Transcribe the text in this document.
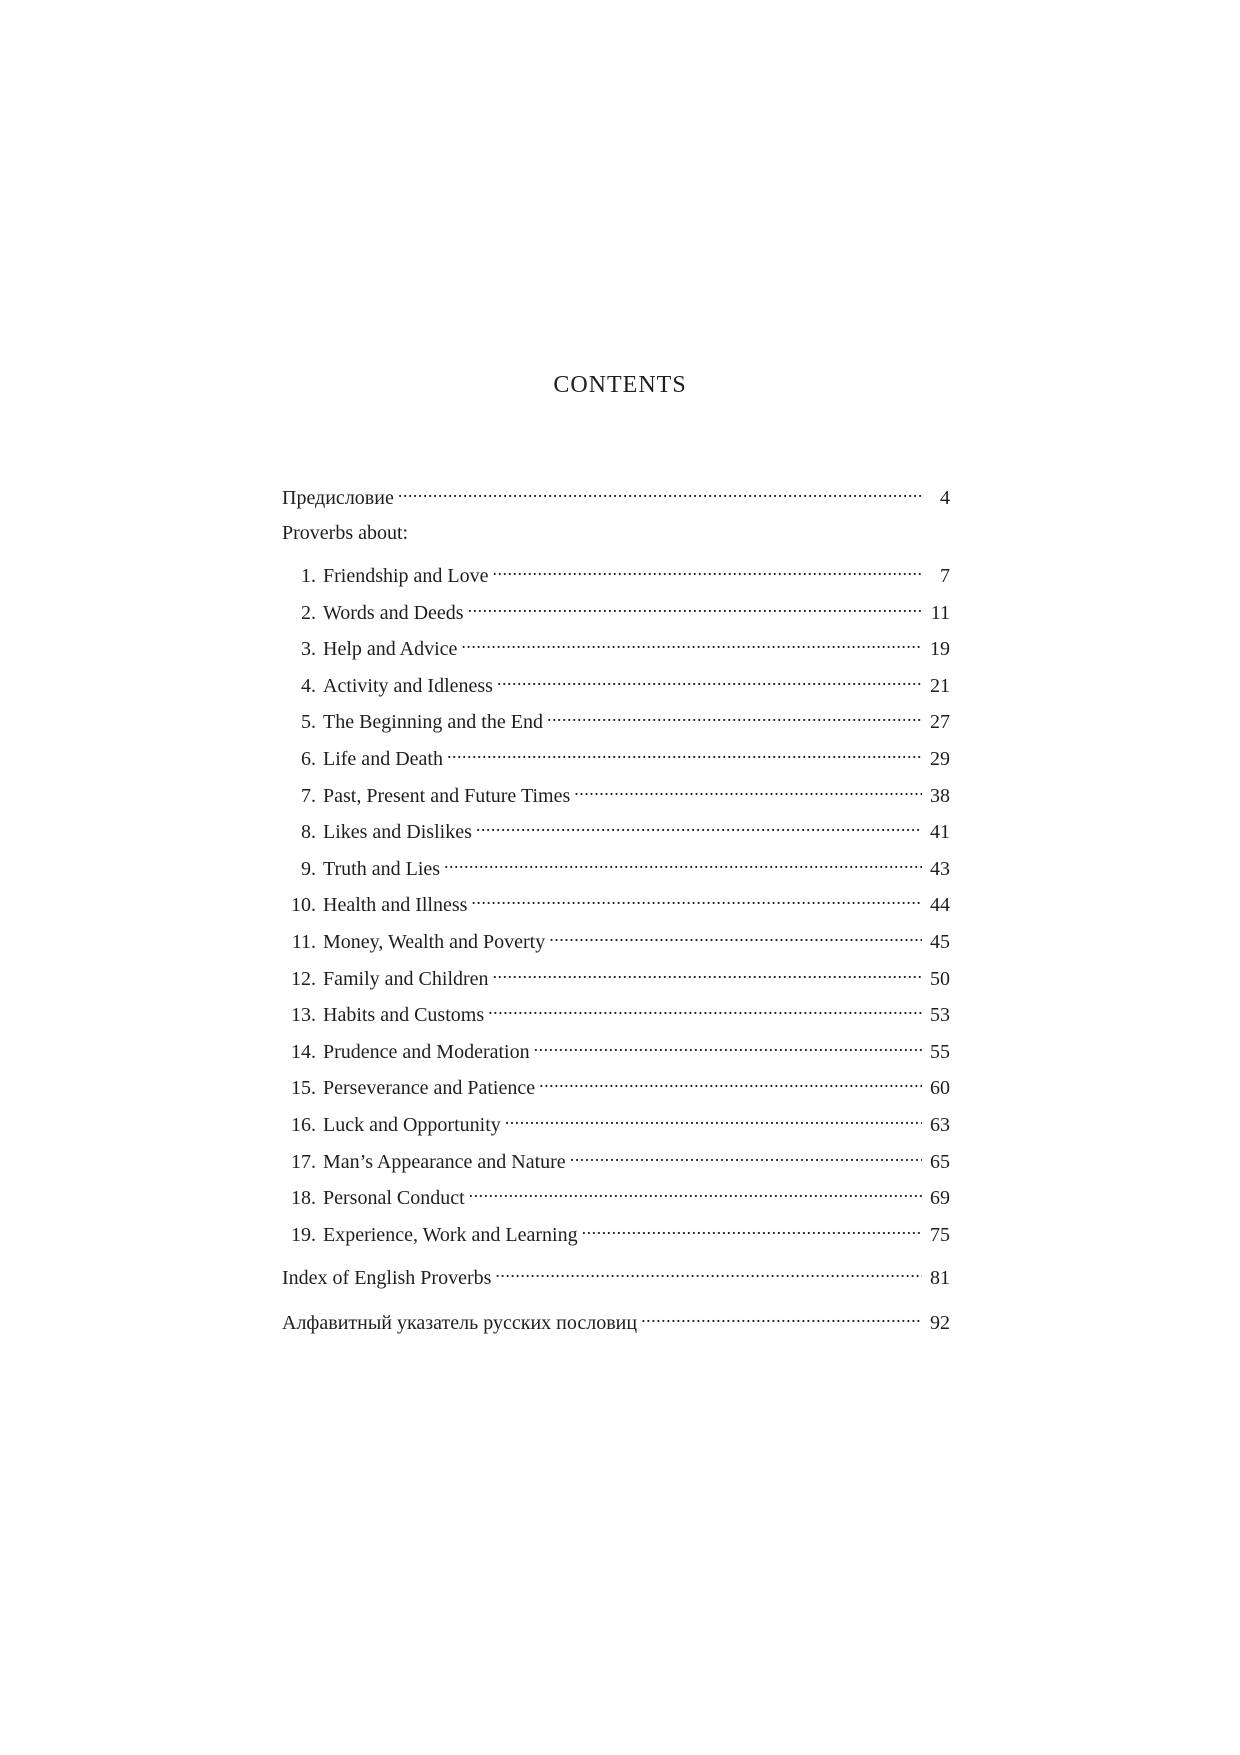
CONTENTS
Предисловие .....	4
Proverbs about:
1. Friendship and Love .....	7
2. Words and Deeds .....	11
3. Help and Advice .....	19
4. Activity and Idleness .....	21
5. The Beginning and the End .....	27
6. Life and Death .....	29
7. Past, Present and Future Times .....	38
8. Likes and Dislikes .....	41
9. Truth and Lies .....	43
10. Health and Illness .....	44
11. Money, Wealth and Poverty .....	45
12. Family and Children .....	50
13. Habits and Customs .....	53
14. Prudence and Moderation .....	55
15. Perseverance and Patience .....	60
16. Luck and Opportunity .....	63
17. Man’s Appearance and Nature .....	65
18. Personal Conduct .....	69
19. Experience, Work and Learning .....	75
Index of English Proverbs .....	81
Алфавитный указатель русских пословиц .....	92
